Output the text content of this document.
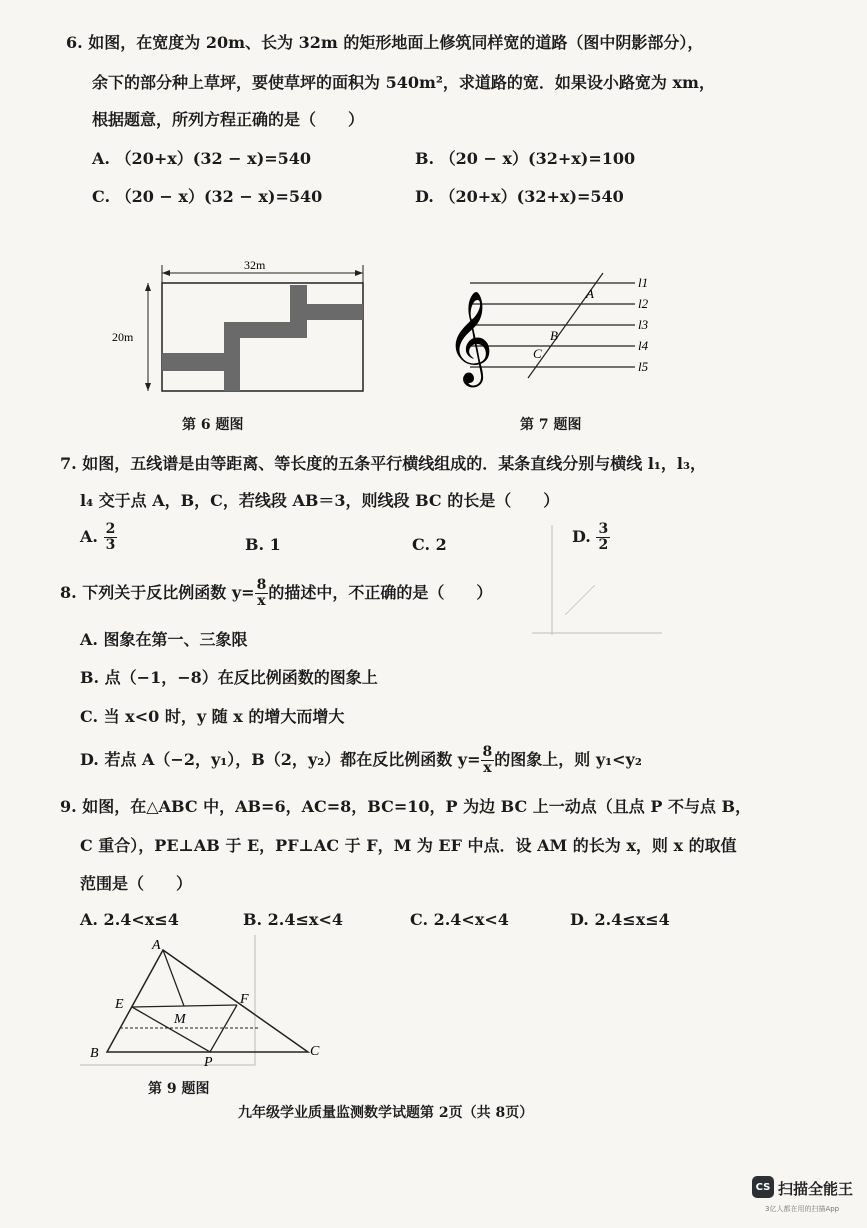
6. 如图，在宽度为 20m、长为 32m 的矩形地面上修筑同样宽的道路（图中阴影部分），
余下的部分种上草坪，要使草坪的面积为 540m²，求道路的宽．如果设小路宽为 xm，
根据题意，所列方程正确的是（　　）
A. （20+x）(32 − x)=540	B. （20 − x）(32+x)=100
C. （20 − x）(32 − x)=540	D. （20+x）(32+x)=540
32m
20m
第 6 题图
𝄞
A
B
C
l1
l2
l3
l4
l5
第 7 题图
7. 如图，五线谱是由等距离、等长度的五条平行横线组成的．某条直线分别与横线 l₁，l₃，
l₄ 交于点 A，B，C，若线段 AB＝3，则线段 BC 的长是（　　）
A. $\frac{2}{3}$	B. 1	C. 2	D. $\frac{3}{2}$
8. 下列关于反比例函数 $y= \frac{8}{x}$ 的描述中，不正确的是（　　）
A. 图象在第一、三象限
B. 点（−1，−8）在反比例函数的图象上
C. 当 x<0 时，y 随 x 的增大而增大
D. 若点 A（−2，y₁），B（2，y₂）都在反比例函数 $y= \frac{8}{x}$ 的图象上，则 y₁<y₂
9. 如图，在△ABC 中，AB=6，AC=8，BC=10，P 为边 BC 上一动点（且点 P 不与点 B，
C 重合），PE⊥AB 于 E，PF⊥AC 于 F，M 为 EF 中点．设 AM 的长为 x，则 x 的取值
范围是（　　）
A. 2.4<x≤4	B. 2.4≤x<4	C. 2.4<x<4	D. 2.4≤x≤4
A
E	F
M
B
P
C
第 9 题图
九年级学业质量监测数学试题第 2页（共 8页）
CS 扫描全能王
3亿人都在用的扫描App
